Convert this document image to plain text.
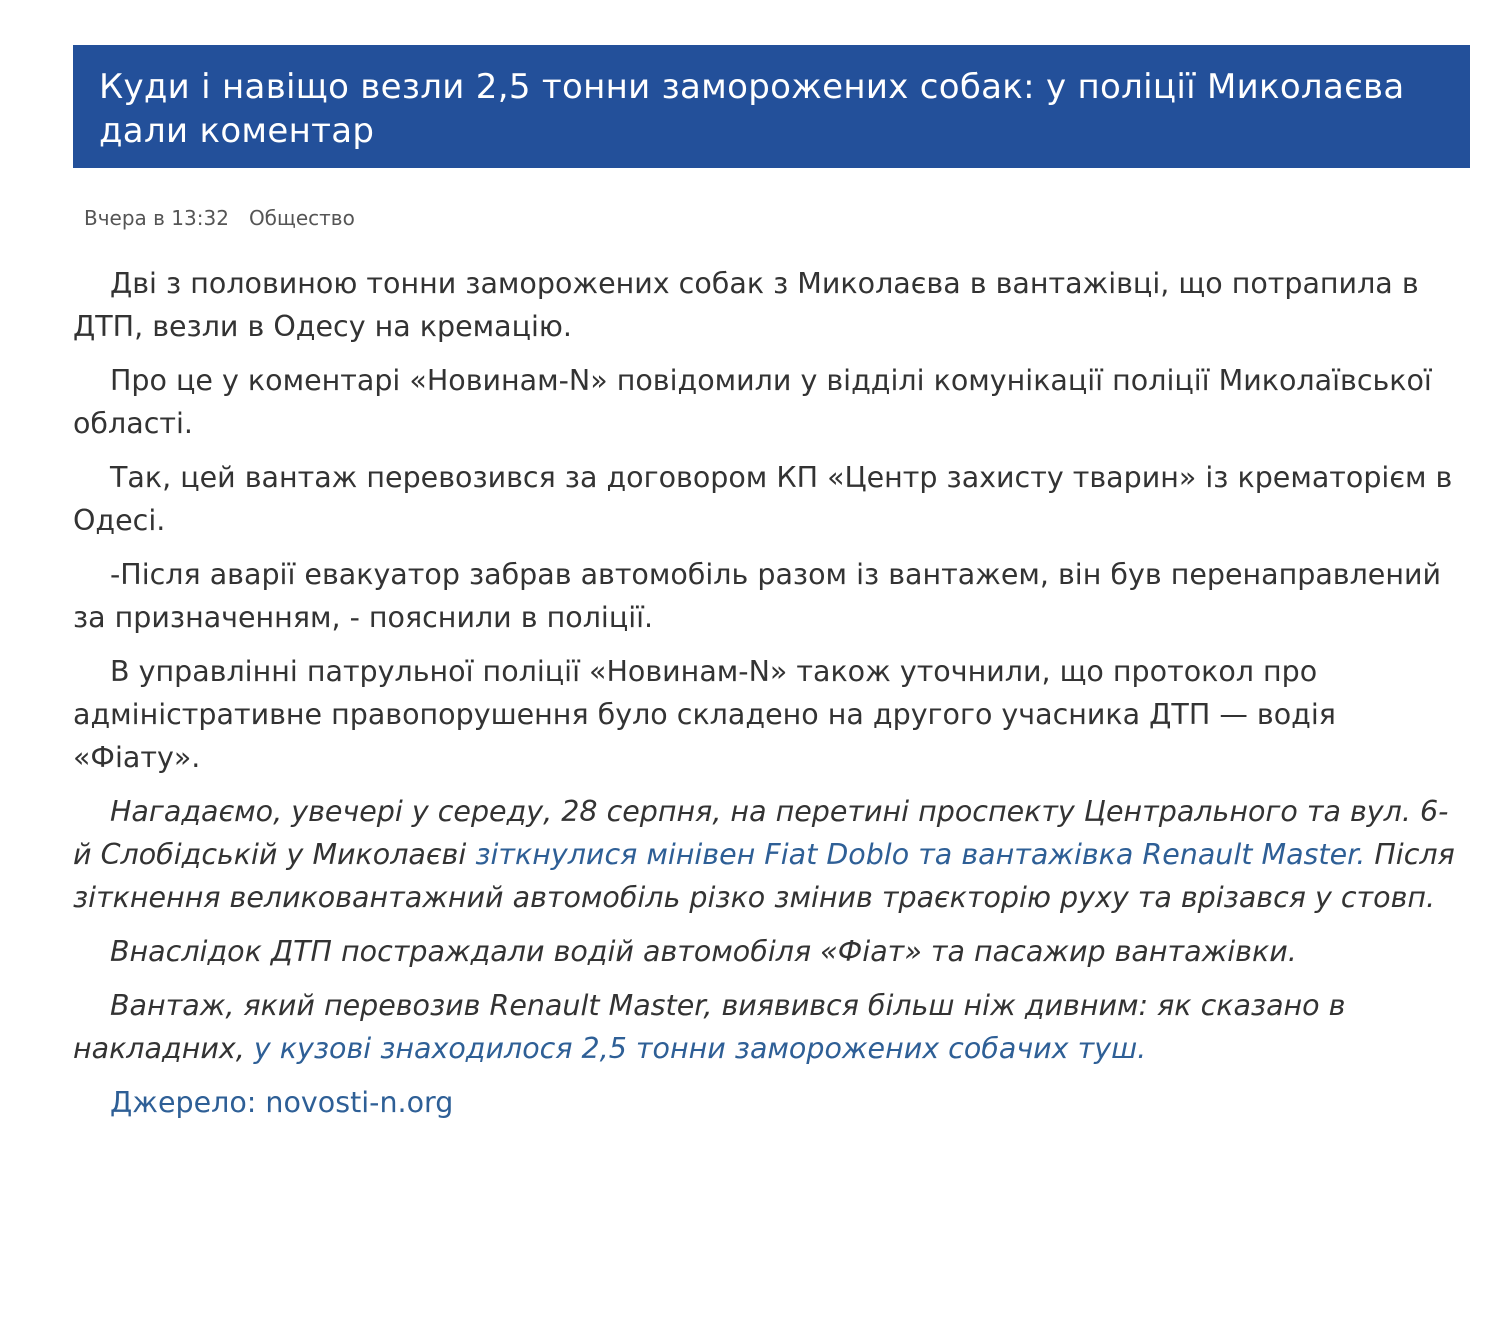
Куди і навіщо везли 2,5 тонни заморожених собак: у поліції Миколаєва дали коментар
Вчера в 13:32 Общество

Дві з половиною тонни заморожених собак з Миколаєва в вантажівці, що потрапила в ДТП, везли в Одесу на кремацію.

Про це у коментарі «Новинам-N» повідомили у відділі комунікації поліції Миколаївської області.

Так, цей вантаж перевозився за договором КП «Центр захисту тварин» із крематорієм в Одесі.

-Після аварії евакуатор забрав автомобіль разом із вантажем, він був перенаправлений за призначенням, - пояснили в поліції.

В управлінні патрульної поліції «Новинам-N» також уточнили, що протокол про адміністративне правопорушення було складено на другого учасника ДТП — водія «Фіату».

Нагадаємо, увечері у середу, 28 серпня, на перетині проспекту Центрального та вул. 6-й Слобідській у Миколаєві зіткнулися мінівен Fiat Doblo та вантажівка Renault Master. Після зіткнення великовантажний автомобіль різко змінив траєкторію руху та врізався у стовп.

Внаслідок ДТП постраждали водій автомобіля «Фіат» та пасажир вантажівки.

Вантаж, який перевозив Renault Master, виявився більш ніж дивним: як сказано в накладних, у кузові знаходилося 2,5 тонни заморожених собачих туш.

Джерело: novosti-n.org
